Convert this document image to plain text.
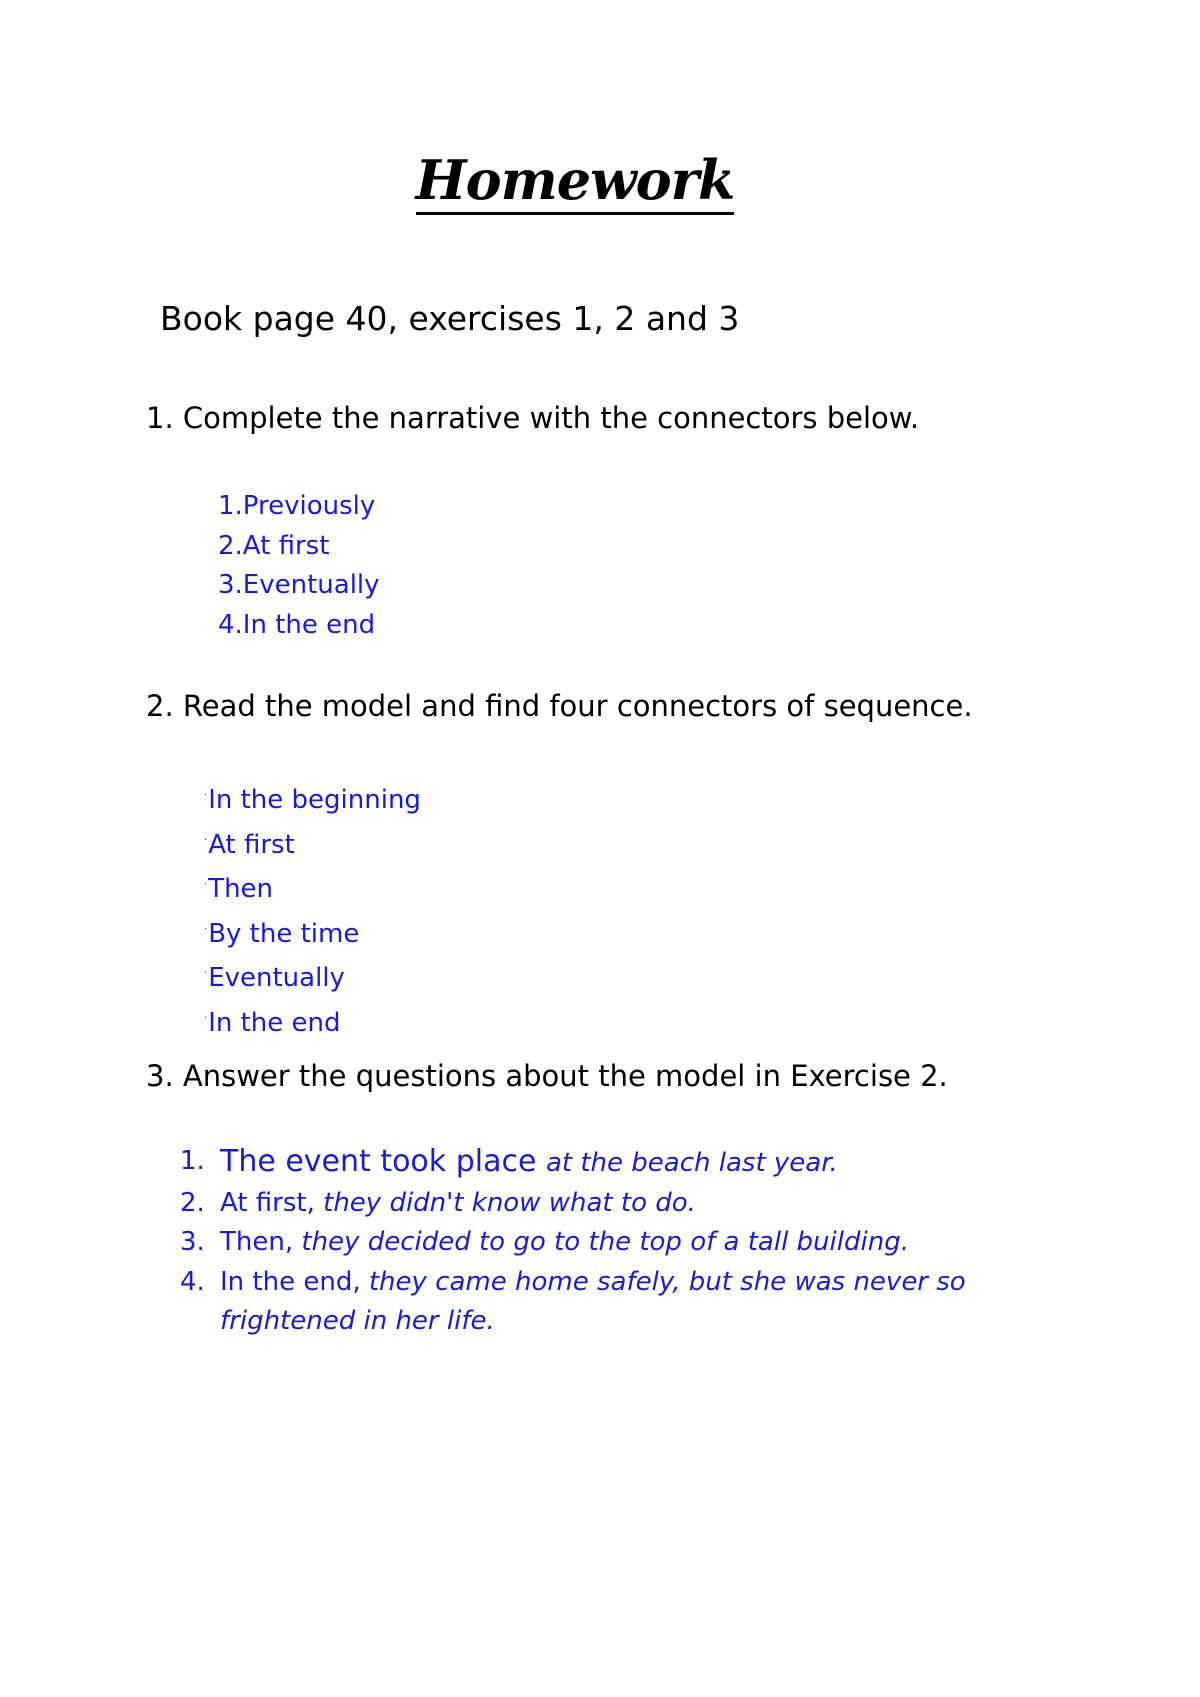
Homework
Book page 40, exercises 1, 2 and 3
1. Complete the narrative with the connectors below.
1.Previously
2.At first
3.Eventually
4.In the end
2. Read the model and find four connectors of sequence.
·In the beginning
·At first
·Then
·By the time
·Eventually
·In the end
3. Answer the questions about the model in Exercise 2.
1. The event took place at the beach last year.
2. At first, they didn't know what to do.
3. Then, they decided to go to the top of a tall building.
4. In the end, they came home safely, but she was never so frightened in her life.
